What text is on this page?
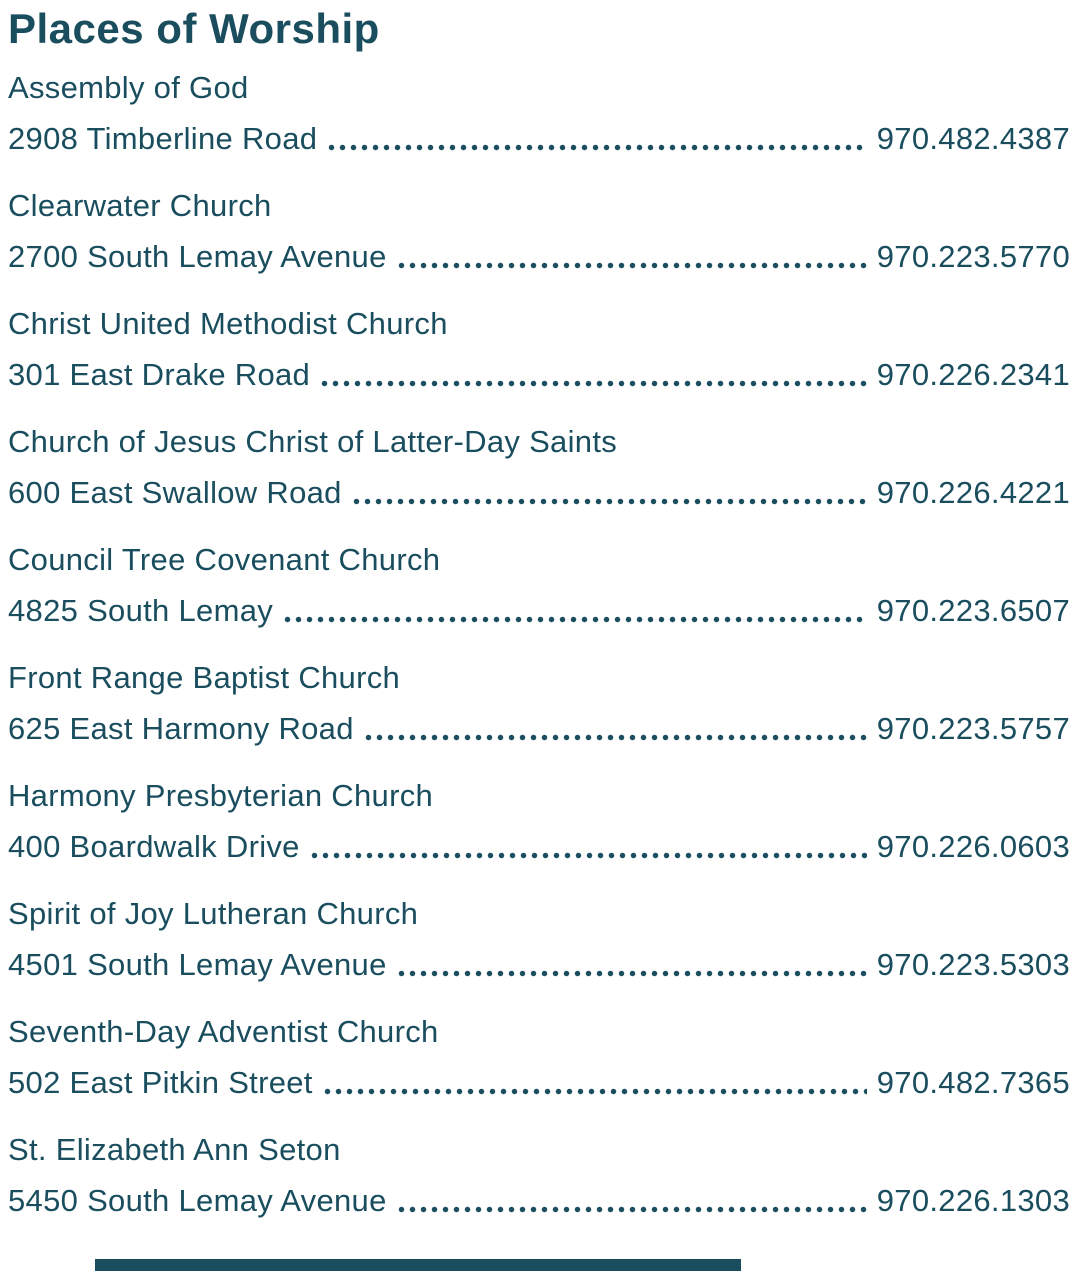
Places of Worship
Assembly of God
2908 Timberline Road	970.482.4387
Clearwater Church
2700 South Lemay Avenue	970.223.5770
Christ United Methodist Church
301 East Drake Road	970.226.2341
Church of Jesus Christ of Latter-Day Saints
600 East Swallow Road	970.226.4221
Council Tree Covenant Church
4825 South Lemay	970.223.6507
Front Range Baptist Church
625 East Harmony Road	970.223.5757
Harmony Presbyterian Church
400 Boardwalk Drive	970.226.0603
Spirit of Joy Lutheran Church
4501 South Lemay Avenue	970.223.5303
Seventh-Day Adventist Church
502 East Pitkin Street	970.482.7365
St. Elizabeth Ann Seton
5450 South Lemay Avenue	970.226.1303
